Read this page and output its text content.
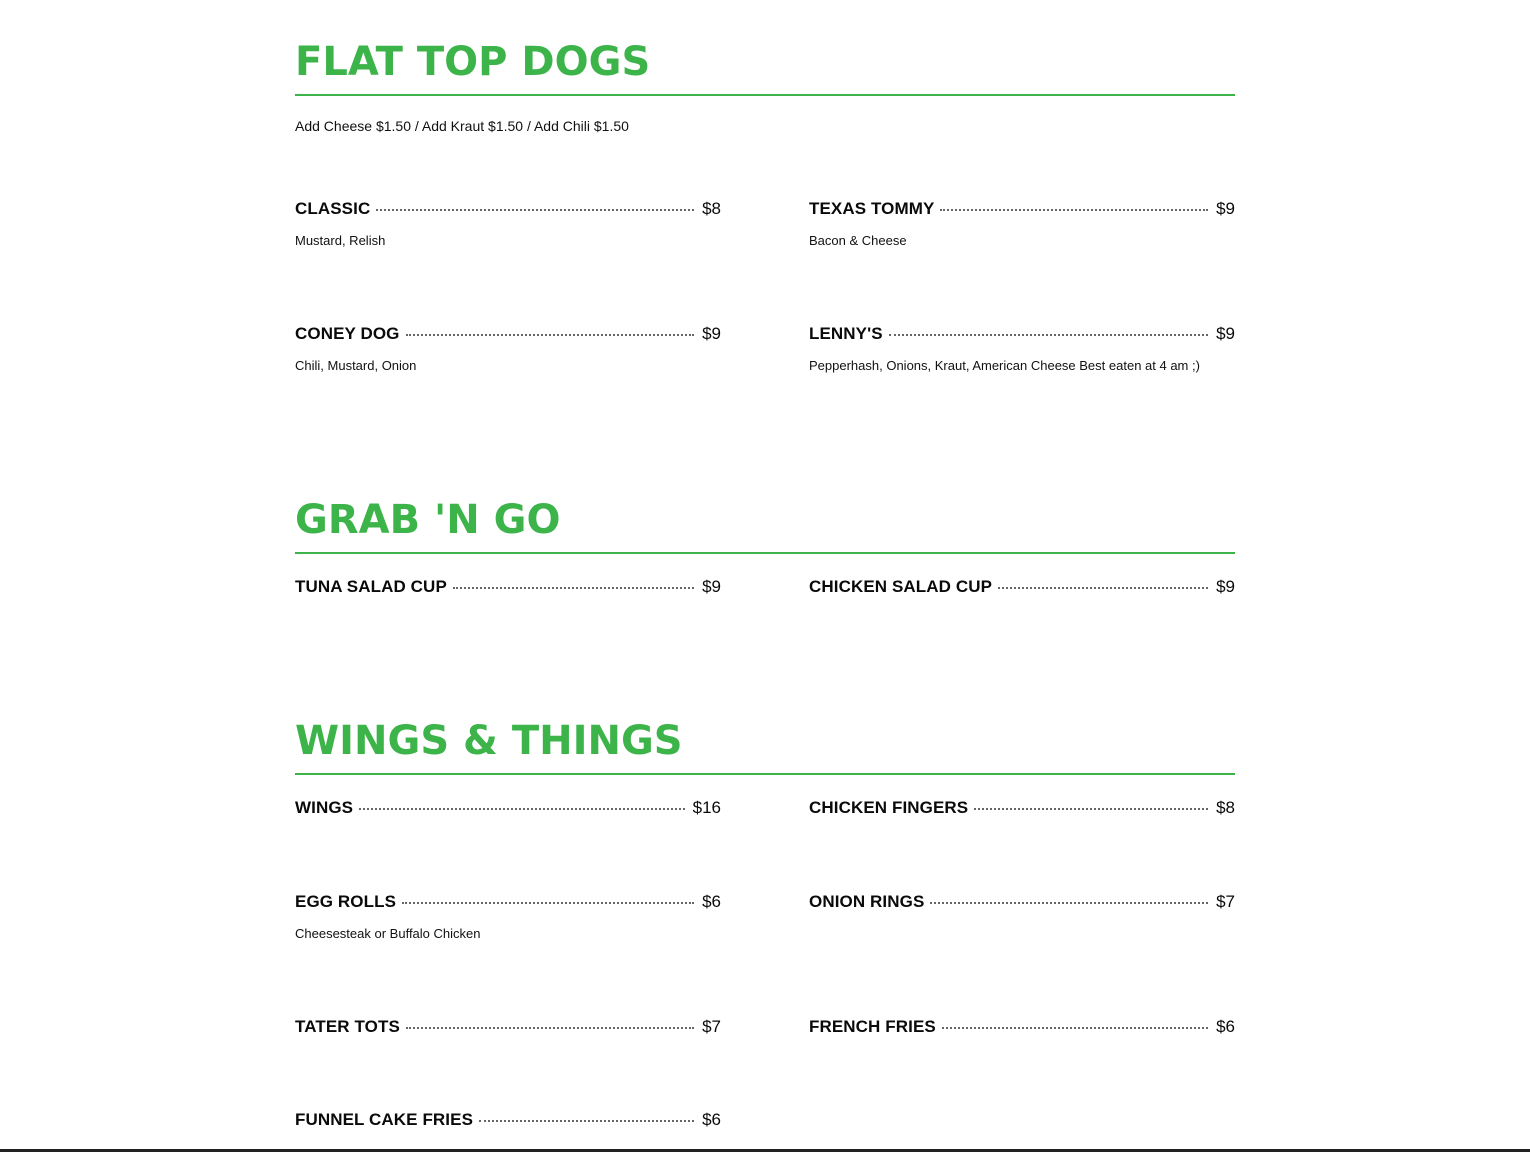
FLAT TOP DOGS
Add Cheese $1.50 / Add Kraut $1.50 / Add Chili $1.50
CLASSIC	$8
Mustard, Relish
TEXAS TOMMY	$9
Bacon & Cheese
CONEY DOG	$9
Chili, Mustard, Onion
LENNY'S	$9
Pepperhash, Onions, Kraut, American Cheese Best eaten at 4 am ;)
GRAB 'N GO
TUNA SALAD CUP	$9	CHICKEN SALAD CUP	$9
WINGS & THINGS
WINGS	$16	CHICKEN FINGERS	$8
EGG ROLLS	$6
Cheesesteak or Buffalo Chicken
ONION RINGS	$7
TATER TOTS	$7	FRENCH FRIES	$6
FUNNEL CAKE FRIES	$6
